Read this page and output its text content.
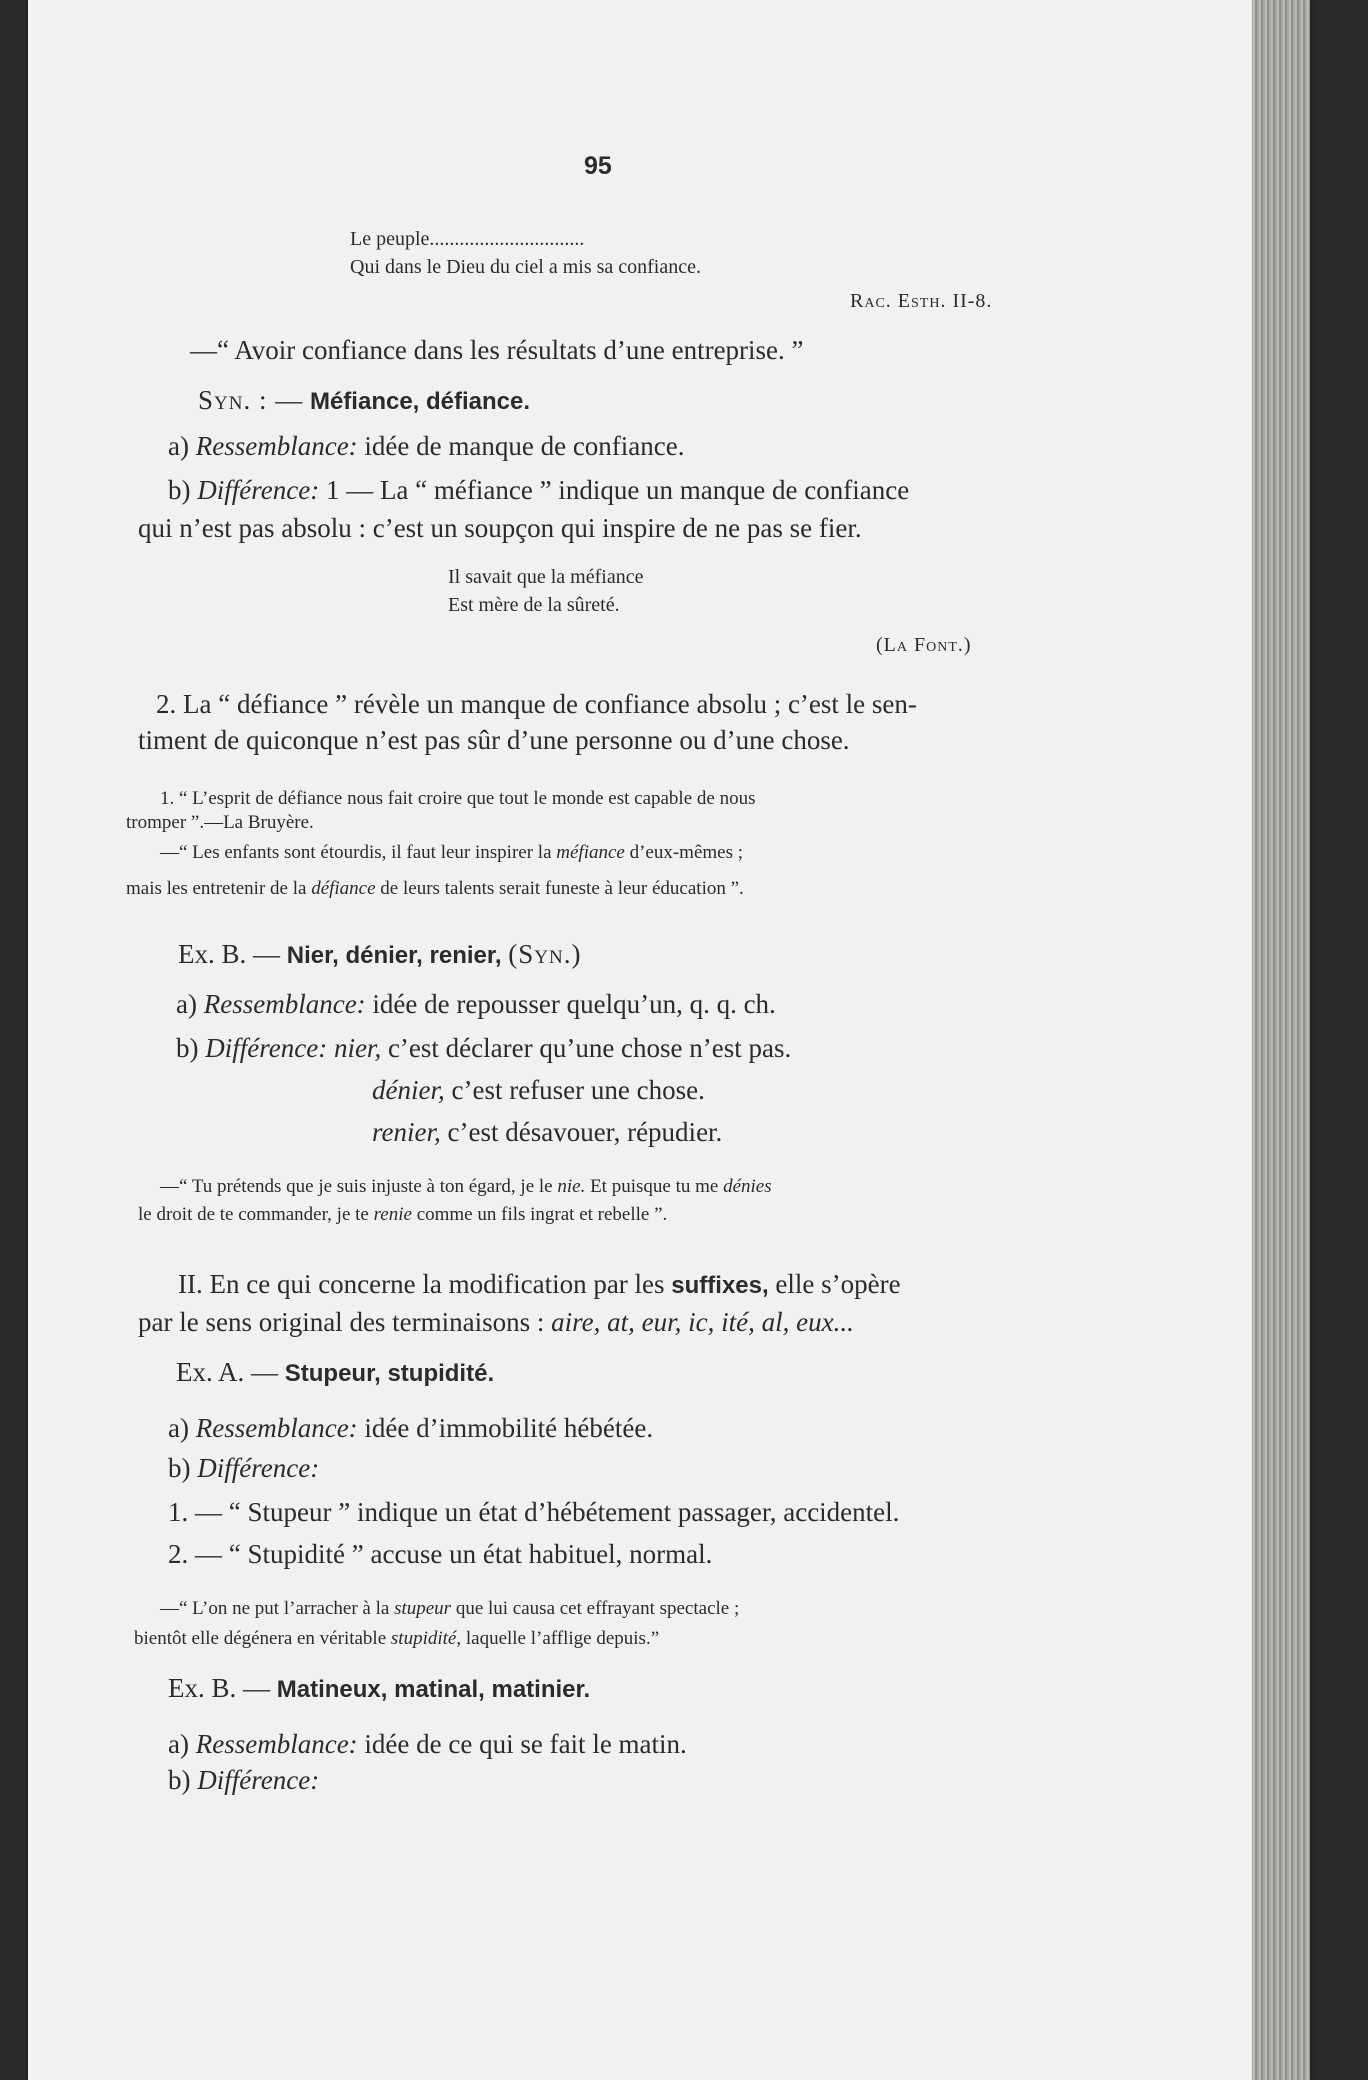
95
Le peuple...............................
Qui dans le Dieu du ciel a mis sa confiance.
Rac. Esth. II-8.
—“ Avoir confiance dans les résultats d’une entreprise. ”
Syn. : — Méfiance, défiance.
a) Ressemblance: idée de manque de confiance.
b) Différence: 1 — La “ méfiance ” indique un manque de confiance
qui n’est pas absolu : c’est un soupçon qui inspire de ne pas se fier.
Il savait que la méfiance
Est mère de la sûreté.
(La Font.)
2. La “ défiance ” révèle un manque de confiance absolu ; c’est le sen-
timent de quiconque n’est pas sûr d’une personne ou d’une chose.
1. “ L’esprit de défiance nous fait croire que tout le monde est capable de nous
tromper ”.—La Bruyère.
—“ Les enfants sont étourdis, il faut leur inspirer la méfiance d’eux-mêmes ;
mais les entretenir de la défiance de leurs talents serait funeste à leur éducation ”.
Ex. B. — Nier, dénier, renier, (Syn.)
a) Ressemblance: idée de repousser quelqu’un, q. q. ch.
b) Différence: nier, c’est déclarer qu’une chose n’est pas.
dénier, c’est refuser une chose.
renier, c’est désavouer, répudier.
—“ Tu prétends que je suis injuste à ton égard, je le nie. Et puisque tu me dénies
le droit de te commander, je te renie comme un fils ingrat et rebelle ”.
II. En ce qui concerne la modification par les suffixes, elle s’opère
par le sens original des terminaisons : aire, at, eur, ic, ité, al, eux...
Ex. A. — Stupeur, stupidité.
a) Ressemblance: idée d’immobilité hébétée.
b) Différence:
1. — “ Stupeur ” indique un état d’hébétement passager, accidentel.
2. — “ Stupidité ” accuse un état habituel, normal.
—“ L’on ne put l’arracher à la stupeur que lui causa cet effrayant spectacle ;
bientôt elle dégénera en véritable stupidité, laquelle l’afflige depuis.”
Ex. B. — Matineux, matinal, matinier.
a) Ressemblance: idée de ce qui se fait le matin.
b) Différence:
